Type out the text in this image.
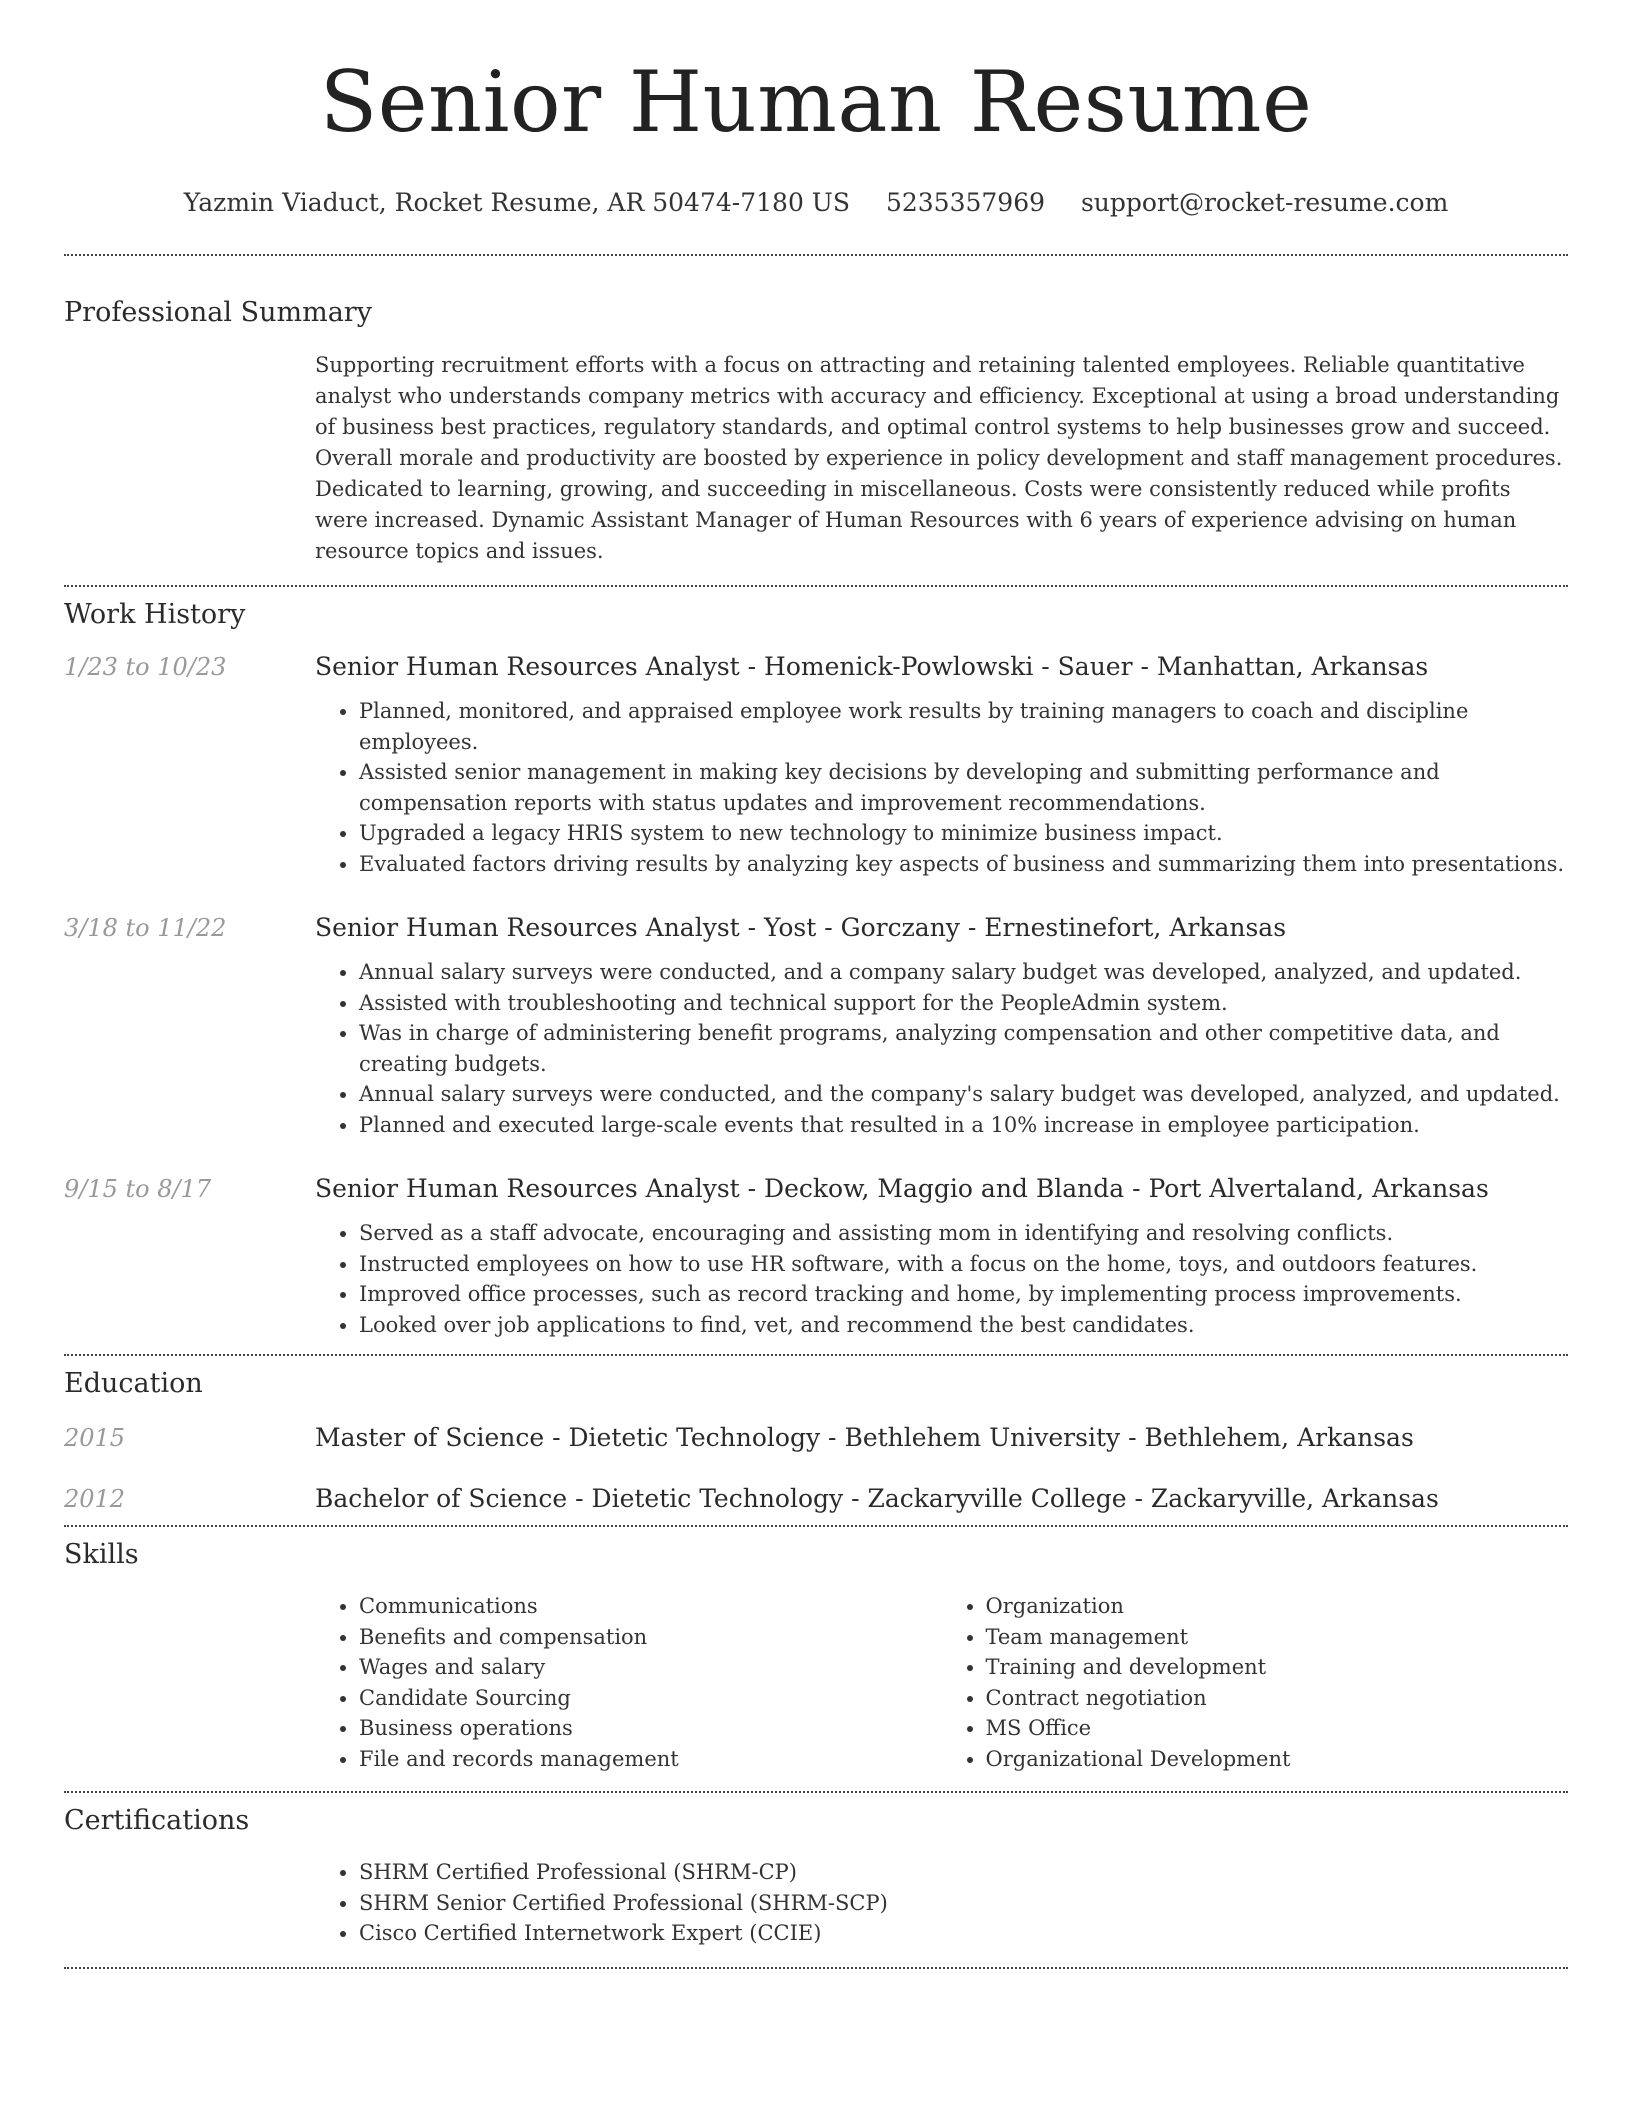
Senior Human Resume
Yazmin Viaduct, Rocket Resume, AR 50474-7180 US 5235357969 support@rocket-resume.com
Professional Summary
Supporting recruitment efforts with a focus on attracting and retaining talented employees. Reliable quantitative analyst who understands company metrics with accuracy and efficiency. Exceptional at using a broad understanding of business best practices, regulatory standards, and optimal control systems to help businesses grow and succeed. Overall morale and productivity are boosted by experience in policy development and staff management procedures. Dedicated to learning, growing, and succeeding in miscellaneous. Costs were consistently reduced while profits were increased. Dynamic Assistant Manager of Human Resources with 6 years of experience advising on human resource topics and issues.
Work History
1/23 to 10/23	Senior Human Resources Analyst - Homenick-Powlowski - Sauer - Manhattan, Arkansas
• Planned, monitored, and appraised employee work results by training managers to coach and discipline employees.
• Assisted senior management in making key decisions by developing and submitting performance and compensation reports with status updates and improvement recommendations.
• Upgraded a legacy HRIS system to new technology to minimize business impact.
• Evaluated factors driving results by analyzing key aspects of business and summarizing them into presentations.
3/18 to 11/22	Senior Human Resources Analyst - Yost - Gorczany - Ernestinefort, Arkansas
• Annual salary surveys were conducted, and a company salary budget was developed, analyzed, and updated.
• Assisted with troubleshooting and technical support for the PeopleAdmin system.
• Was in charge of administering benefit programs, analyzing compensation and other competitive data, and creating budgets.
• Annual salary surveys were conducted, and the company's salary budget was developed, analyzed, and updated.
• Planned and executed large-scale events that resulted in a 10% increase in employee participation.
9/15 to 8/17	Senior Human Resources Analyst - Deckow, Maggio and Blanda - Port Alvertaland, Arkansas
• Served as a staff advocate, encouraging and assisting mom in identifying and resolving conflicts.
• Instructed employees on how to use HR software, with a focus on the home, toys, and outdoors features.
• Improved office processes, such as record tracking and home, by implementing process improvements.
• Looked over job applications to find, vet, and recommend the best candidates.
Education
2015	Master of Science - Dietetic Technology - Bethlehem University - Bethlehem, Arkansas
2012	Bachelor of Science - Dietetic Technology - Zackaryville College - Zackaryville, Arkansas
Skills
• Communications
• Benefits and compensation
• Wages and salary
• Candidate Sourcing
• Business operations
• File and records management
• Organization
• Team management
• Training and development
• Contract negotiation
• MS Office
• Organizational Development
Certifications
• SHRM Certified Professional (SHRM-CP)
• SHRM Senior Certified Professional (SHRM-SCP)
• Cisco Certified Internetwork Expert (CCIE)
